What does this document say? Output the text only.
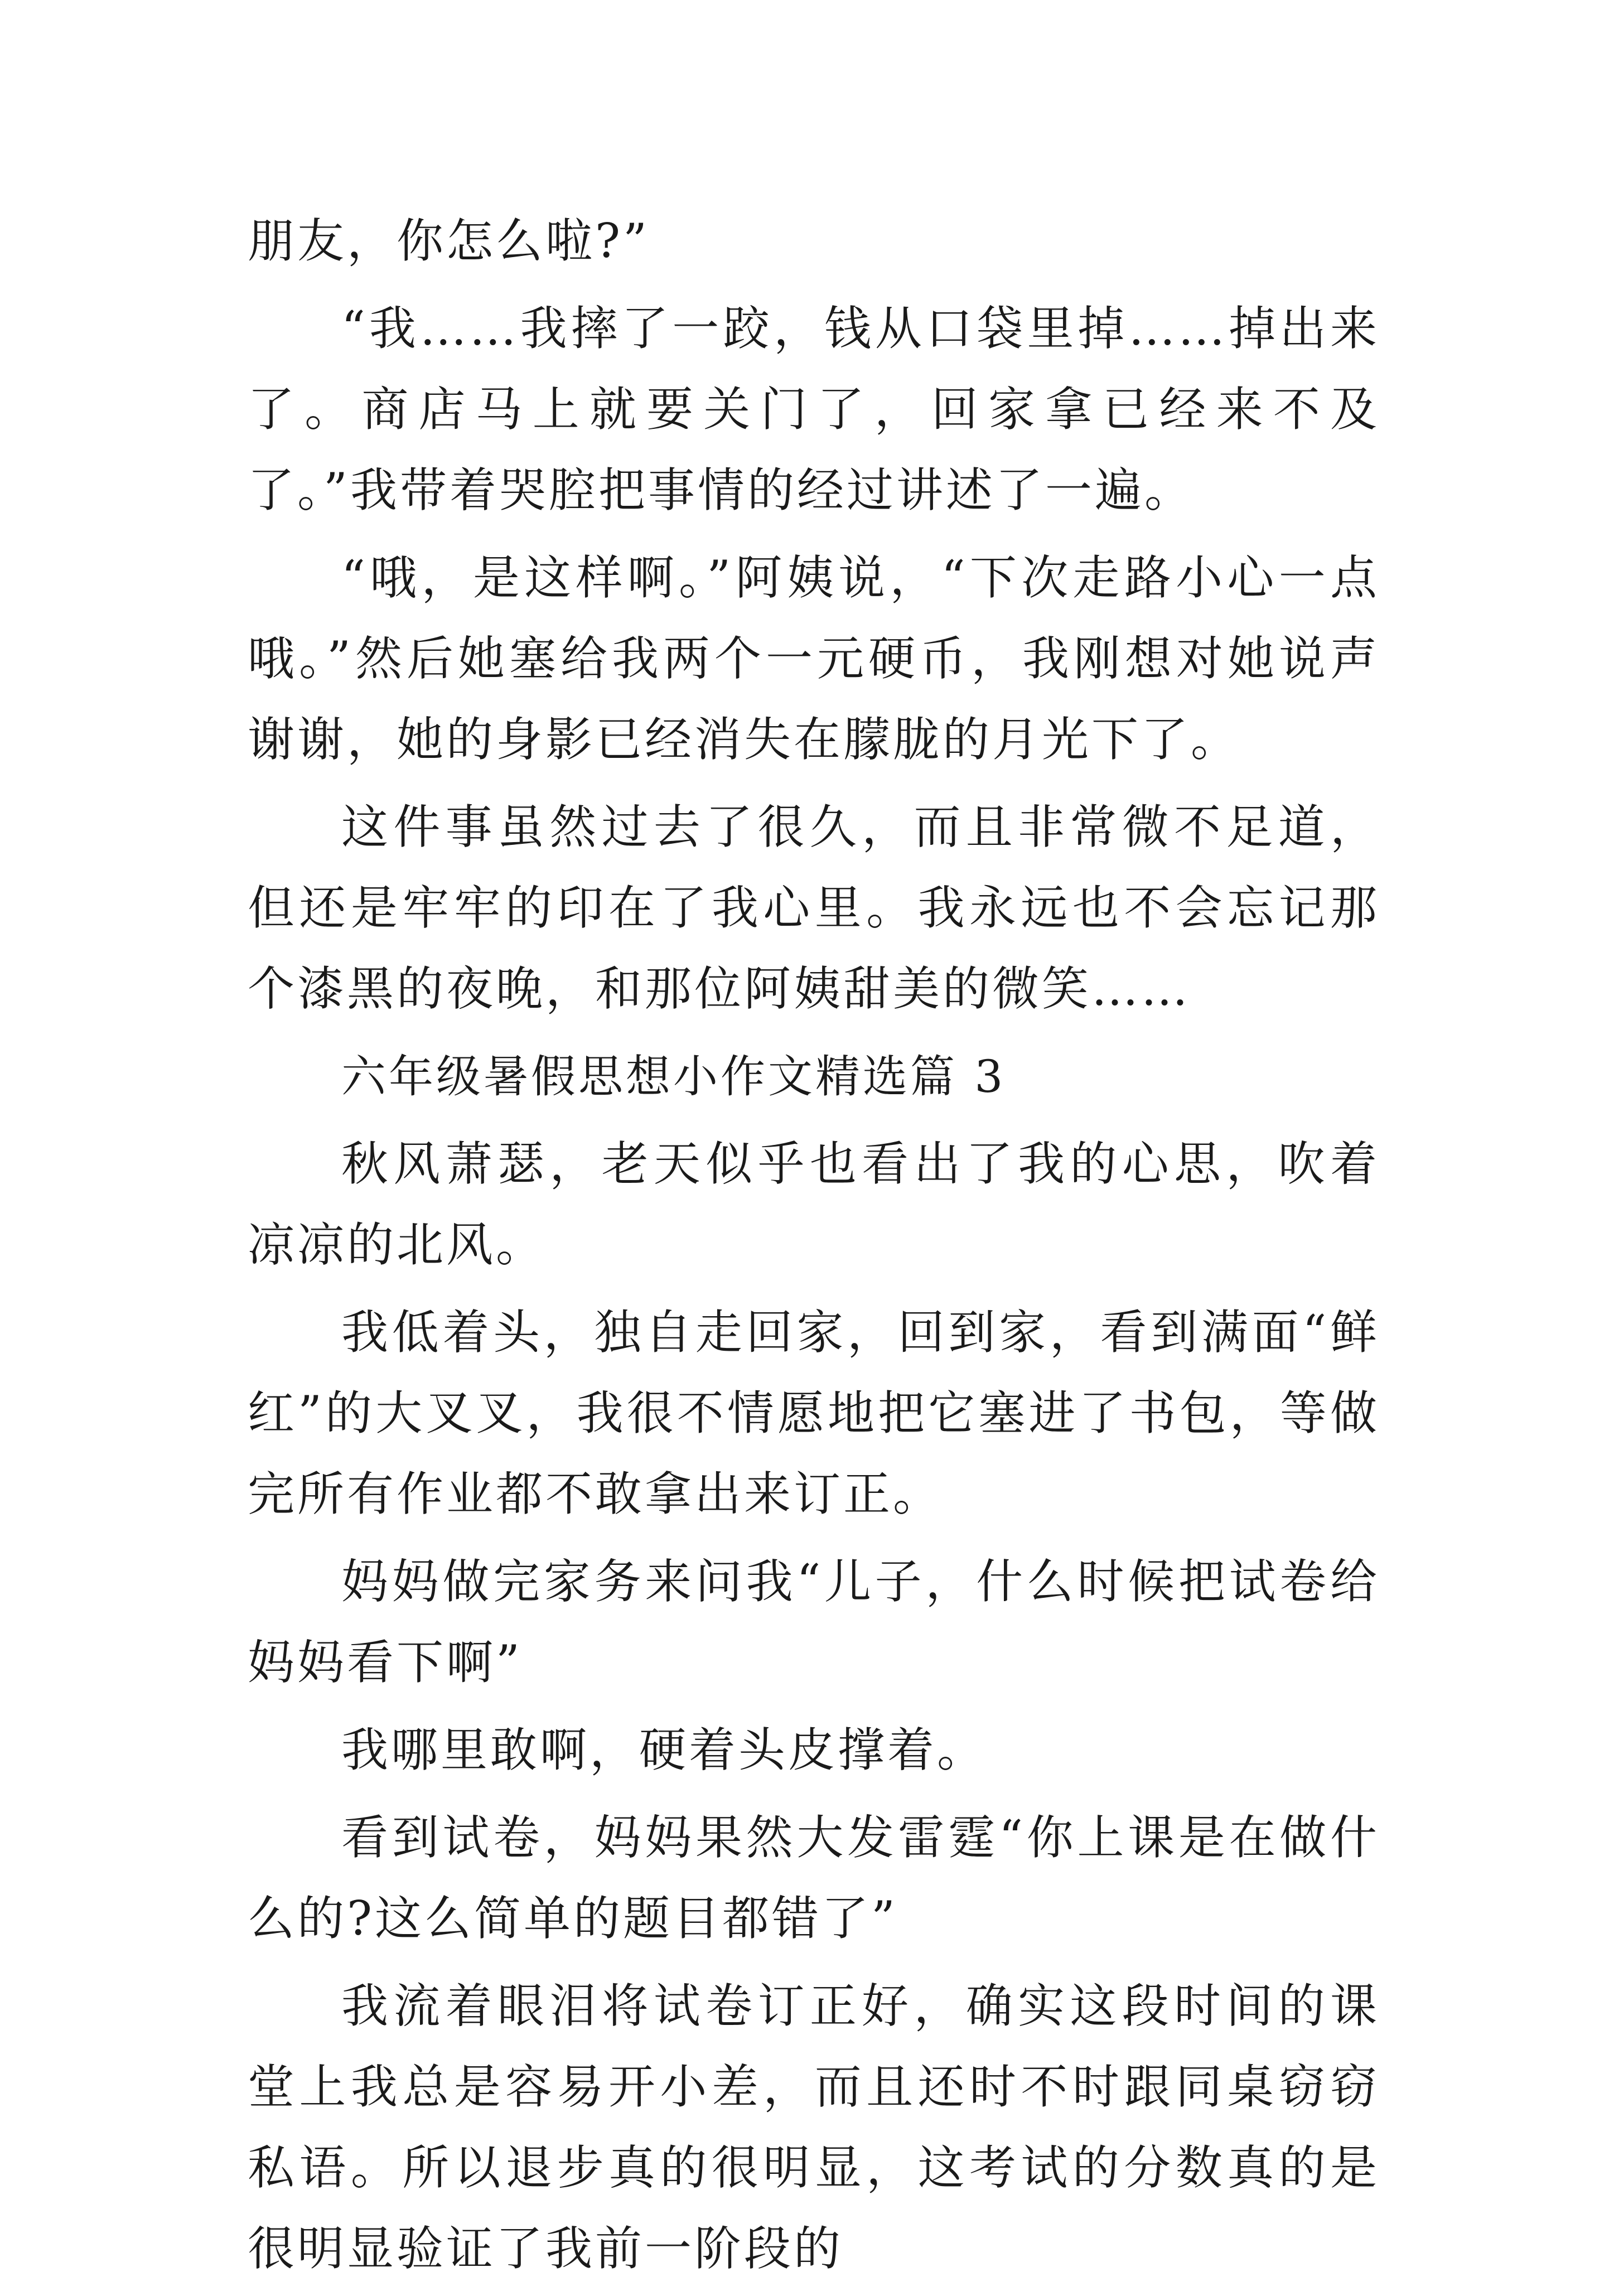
朋友，你怎么啦?”

“我……我摔了一跤，钱从口袋里掉……掉出来了。商店马上就要关门了，回家拿已经来不及了。”我带着哭腔把事情的经过讲述了一遍。

“哦，是这样啊。”阿姨说，“下次走路小心一点哦。”然后她塞给我两个一元硬币，我刚想对她说声谢谢，她的身影已经消失在朦胧的月光下了。

这件事虽然过去了很久，而且非常微不足道，但还是牢牢的印在了我心里。我永远也不会忘记那个漆黑的夜晚，和那位阿姨甜美的微笑……

六年级暑假思想小作文精选篇 3

秋风萧瑟，老天似乎也看出了我的心思，吹着凉凉的北风。

我低着头，独自走回家，回到家，看到满面“鲜红”的大叉叉，我很不情愿地把它塞进了书包，等做完所有作业都不敢拿出来订正。

妈妈做完家务来问我“儿子，什么时候把试卷给妈妈看下啊”

我哪里敢啊，硬着头皮撑着。

看到试卷，妈妈果然大发雷霆“你上课是在做什么的?这么简单的题目都错了”

我流着眼泪将试卷订正好，确实这段时间的课堂上我总是容易开小差，而且还时不时跟同桌窃窃私语。所以退步真的很明显，这考试的分数真的是很明显验证了我前一阶段的
